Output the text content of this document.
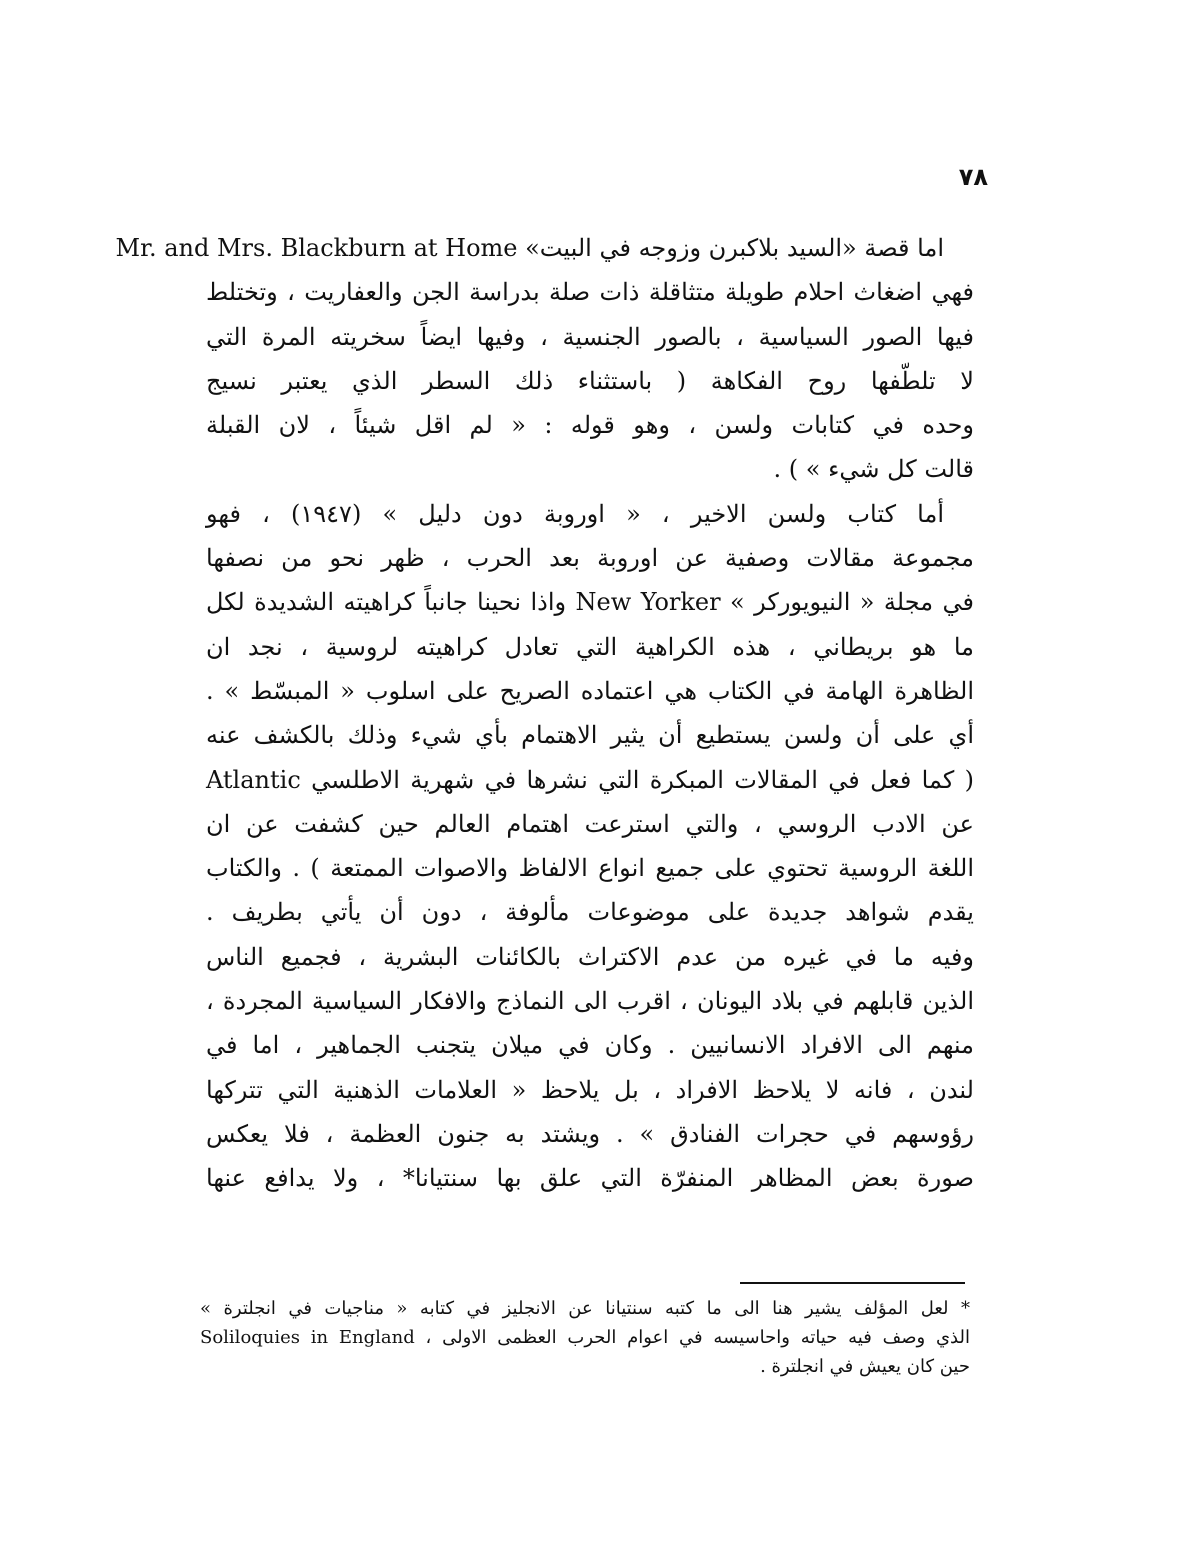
٧٨
اما قصة «السيد بلاكبرن وزوجه في البيت» Mr. and Mrs. Blackburn at Home
فهي اضغاث احلام طويلة متثاقلة ذات صلة بدراسة الجن والعفاريت ، وتختلط
فيها الصور السياسية ، بالصور الجنسية ، وفيها ايضاً سخريته المرة التي
لا تلطّفها روح الفكاهة ( باستثناء ذلك السطر الذي يعتبر نسيج
وحده في كتابات ولسن ، وهو قوله : « لم اقل شيئاً ، لان القبلة
قالت كل شيء » ) .
أما كتاب ولسن الاخير ، « اوروبة دون دليل » (١٩٤٧) ، فهو
مجموعة مقالات وصفية عن اوروبة بعد الحرب ، ظهر نحو من نصفها
في مجلة « النيويوركر » New Yorker واذا نحينا جانباً كراهيته الشديدة لكل
ما هو بريطاني ، هذه الكراهية التي تعادل كراهيته لروسية ، نجد ان
الظاهرة الهامة في الكتاب هي اعتماده الصريح على اسلوب « المبسّط » .
أي على أن ولسن يستطيع أن يثير الاهتمام بأي شيء وذلك بالكشف عنه
( كما فعل في المقالات المبكرة التي نشرها في شهرية الاطلسي Atlantic
عن الادب الروسي ، والتي استرعت اهتمام العالم حين كشفت عن ان
اللغة الروسية تحتوي على جميع انواع الالفاظ والاصوات الممتعة ) . والكتاب
يقدم شواهد جديدة على موضوعات مألوفة ، دون أن يأتي بطريف .
وفيه ما في غيره من عدم الاكتراث بالكائنات البشرية ، فجميع الناس
الذين قابلهم في بلاد اليونان ، اقرب الى النماذج والافكار السياسية المجردة ،
منهم الى الافراد الانسانيين . وكان في ميلان يتجنب الجماهير ، اما في
لندن ، فانه لا يلاحظ الافراد ، بل يلاحظ « العلامات الذهنية التي تتركها
رؤوسهم في حجرات الفنادق » . ويشتد به جنون العظمة ، فلا يعكس
صورة بعض المظاهر المنفرّة التي علق بها سنتيانا* ، ولا يدافع عنها
* لعل المؤلف يشير هنا الى ما كتبه سنتيانا عن الانجليز في كتابه « مناجيات في انجلترة »
Soliloquies in England ، الذي وصف فيه حياته واحاسيسه في اعوام الحرب العظمى الاولى
حين كان يعيش في انجلترة .
